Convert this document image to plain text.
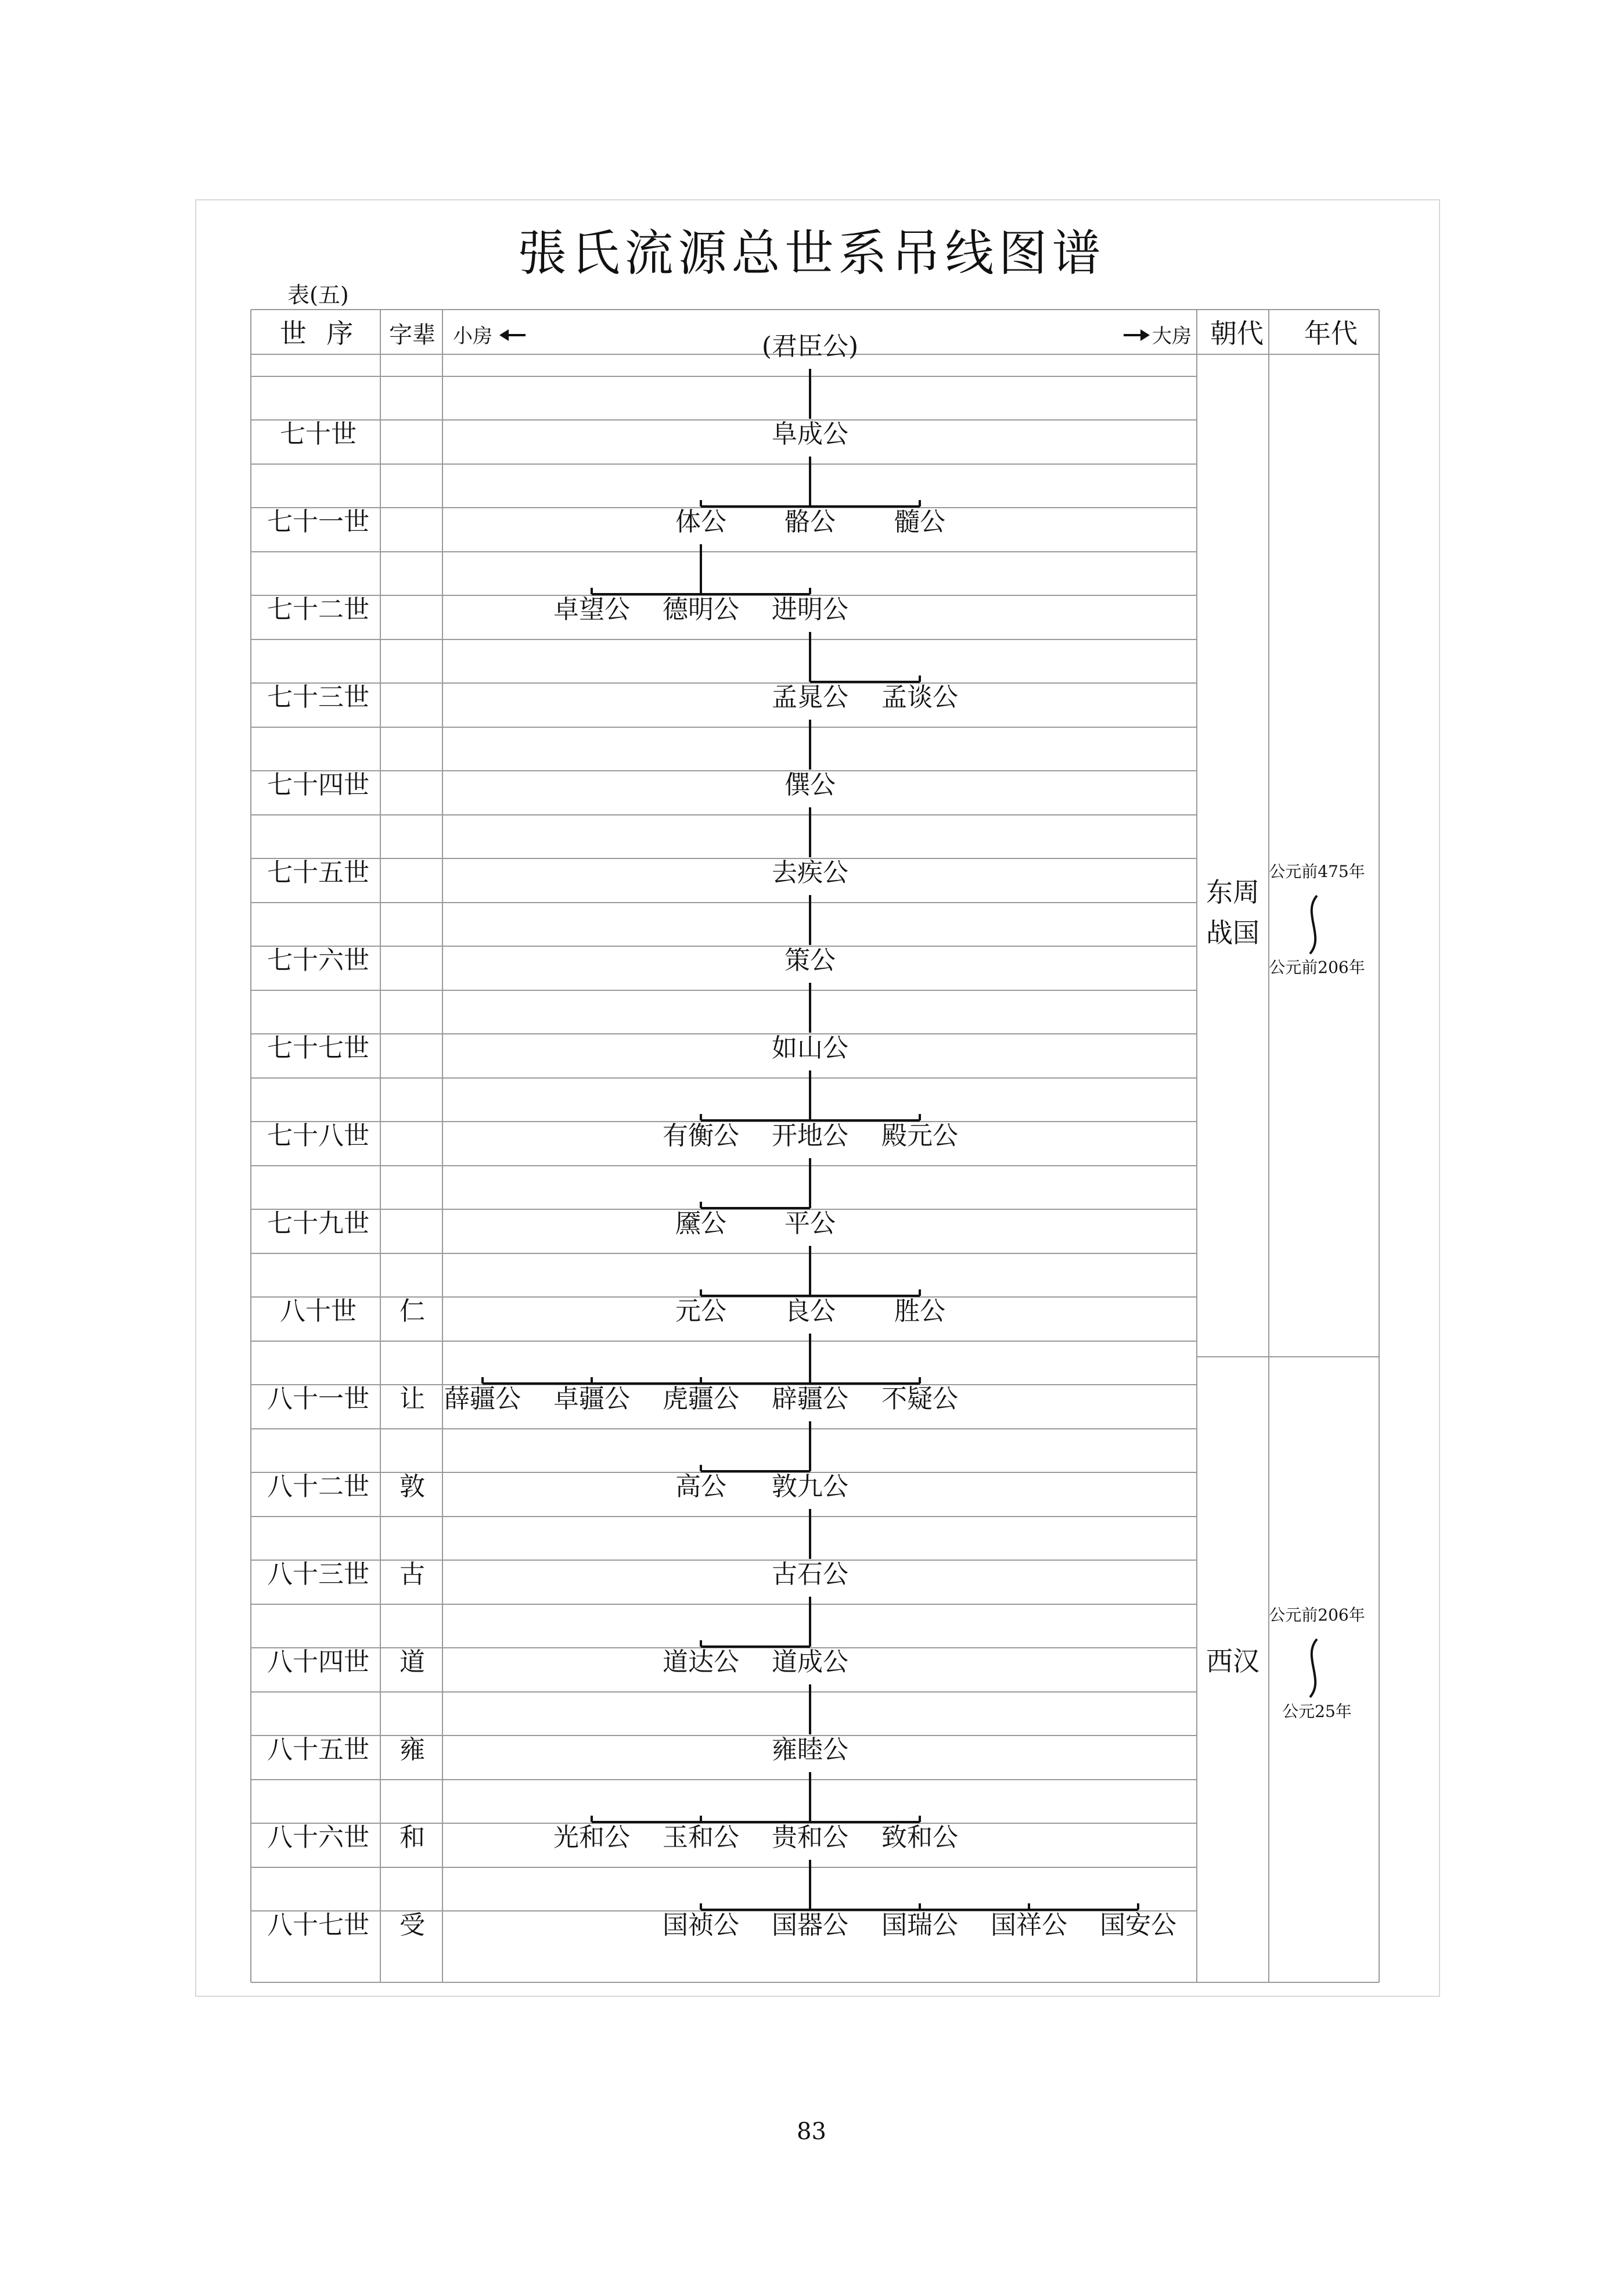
張氏流源总世系吊线图谱
表(五)
世 序 字辈 小房	大房 朝代 年代
七十世
七十一世
七十二世
七十三世
七十四世
七十五世
七十六世
七十七世
七十八世
七十九世
八十世 仁
八十一世 让
八十二世 敦
八十三世 古
八十四世 道
八十五世 雍
八十六世 和
八十七世 受
(君臣公)
阜成公
体公 骼公 髓公
卓望公 德明公 进明公
孟晁公 孟谈公
僎公
去疾公
策公
如山公
有衡公 开地公 殿元公
黡公 平公
元公 良公 胜公
薛疆公 卓疆公 虎疆公 辟疆公 不疑公
高公 敦九公
古石公
道达公 道成公
雍睦公
光和公 玉和公 贵和公 致和公
国祯公 国器公 国瑞公 国祥公 国安公
东周
战国
公元前475年
公元前206年
西汉
公元前206年
公元25年
83
